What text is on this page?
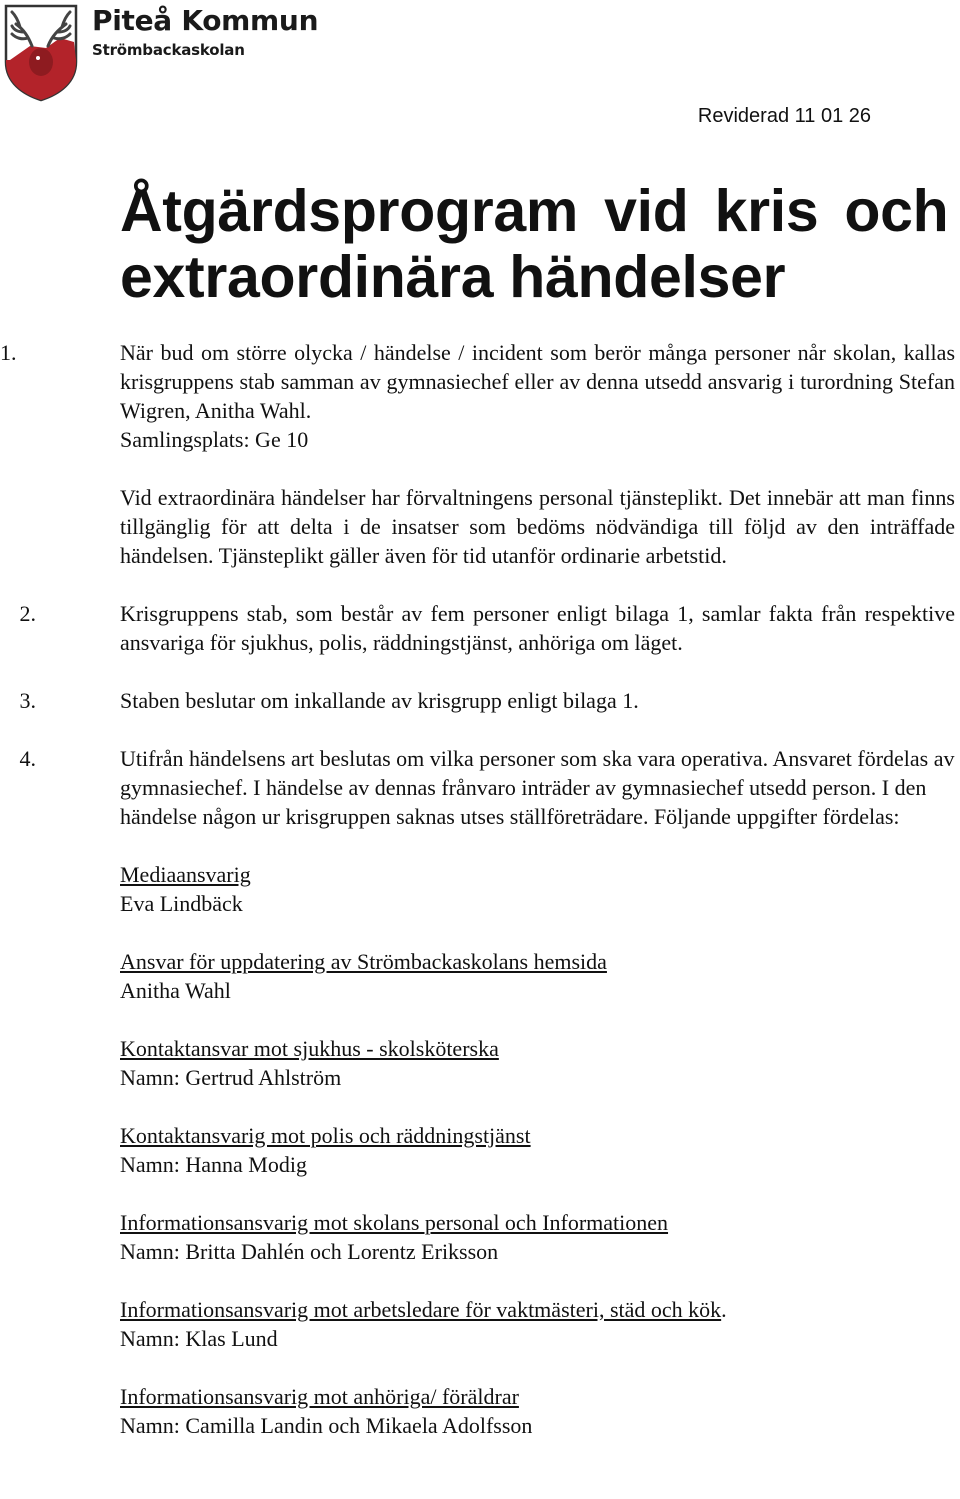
Piteå Kommun
Strömbackaskolan
Reviderad 11 01 26
Åtgärdsprogram vid kris och
extraordinära händelser
1.	När bud om större olycka / händelse / incident som berör många personer når skolan, kallas krisgruppens stab samman av gymnasiechef eller av denna utsedd ansvarig i turordning Stefan Wigren, Anitha Wahl.

Samlingsplats: Ge 10

Vid extraordinära händelser har förvaltningens personal tjänsteplikt. Det innebär att man finns tillgänglig för att delta i de insatser som bedöms nödvändiga till följd av den inträffade händelsen. Tjänsteplikt gäller även för tid utanför ordinarie arbetstid.

2.	Krisgruppens stab, som består av fem personer enligt bilaga 1, samlar fakta från respektive ansvariga för sjukhus, polis, räddningstjänst, anhöriga om läget.

3.	Staben beslutar om inkallande av krisgrupp enligt bilaga 1.

4.	Utifrån händelsens art beslutas om vilka personer som ska vara operativa. Ansvaret fördelas av gymnasiechef. I händelse av dennas frånvaro inträder av gymnasiechef utsedd person. I den händelse någon ur krisgruppen saknas utses ställföreträdare. Följande uppgifter fördelas:

Mediaansvarig
Eva Lindbäck
Ansvar för uppdatering av Strömbackaskolans hemsida
Anitha Wahl
Kontaktansvar mot sjukhus - skolsköterska
Namn: Gertrud Ahlström
Kontaktansvarig mot polis och räddningstjänst
Namn: Hanna Modig
Informationsansvarig mot skolans personal och Informationen
Namn: Britta Dahlén och Lorentz Eriksson
Informationsansvarig mot arbetsledare för vaktmästeri, städ och kök.
Namn: Klas Lund
Informationsansvarig mot anhöriga/ föräldrar
Namn: Camilla Landin och Mikaela Adolfsson
